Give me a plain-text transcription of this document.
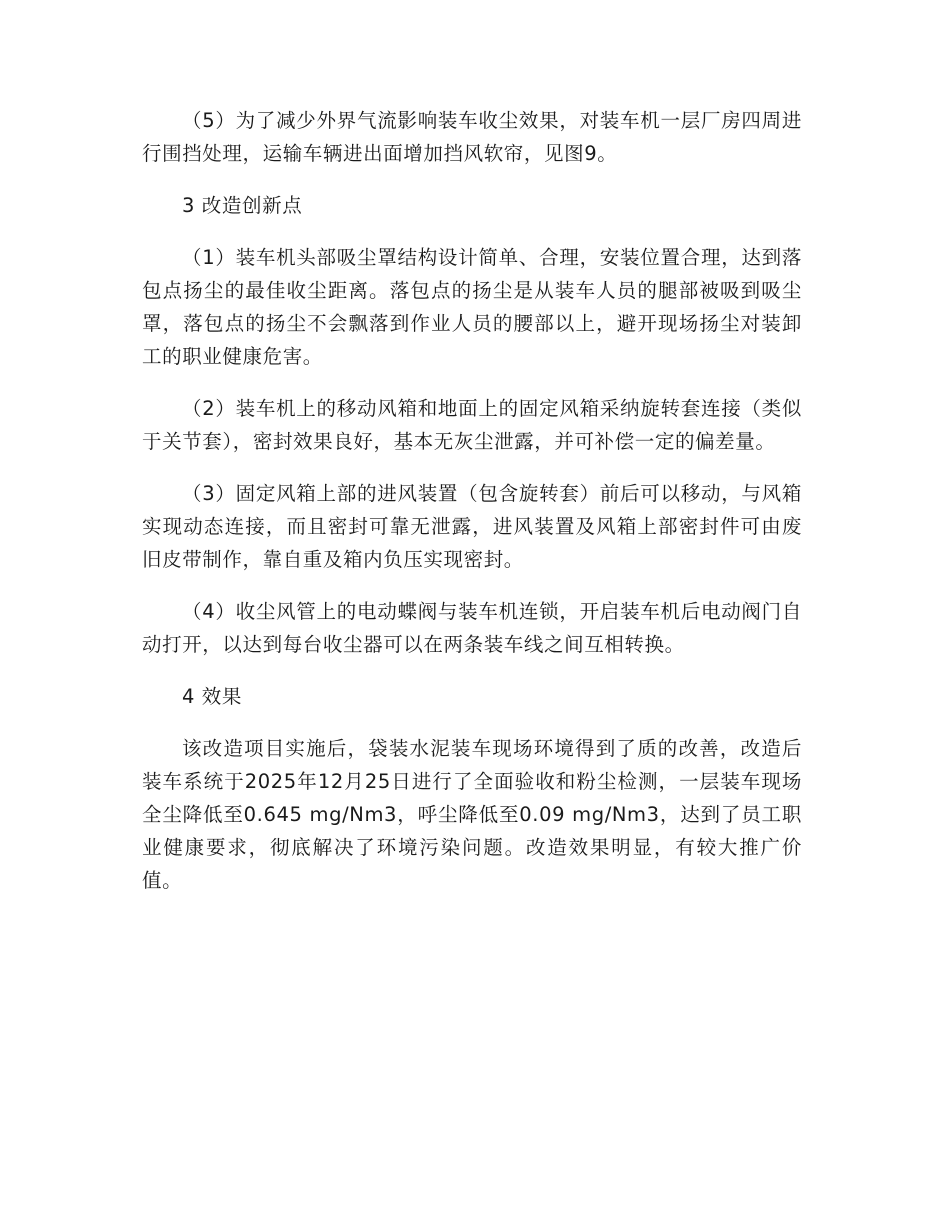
（5）为了减少外界气流影响装车收尘效果，对装车机一层厂房四周进行围挡处理，运输车辆进出面增加挡风软帘，见图9。

3 改造创新点

（1）装车机头部吸尘罩结构设计简单、合理，安装位置合理，达到落包点扬尘的最佳收尘距离。落包点的扬尘是从装车人员的腿部被吸到吸尘罩，落包点的扬尘不会飘落到作业人员的腰部以上，避开现场扬尘对装卸工的职业健康危害。

（2）装车机上的移动风箱和地面上的固定风箱采纳旋转套连接（类似于关节套），密封效果良好，基本无灰尘泄露，并可补偿一定的偏差量。

（3）固定风箱上部的进风装置（包含旋转套）前后可以移动，与风箱实现动态连接，而且密封可靠无泄露，进风装置及风箱上部密封件可由废旧皮带制作，靠自重及箱内负压实现密封。

（4）收尘风管上的电动蝶阀与装车机连锁，开启装车机后电动阀门自动打开，以达到每台收尘器可以在两条装车线之间互相转换。

4 效果

该改造项目实施后，袋装水泥装车现场环境得到了质的改善，改造后装车系统于2025年12月25日进行了全面验收和粉尘检测，一层装车现场全尘降低至0.645 mg/Nm3，呼尘降低至0.09 mg/Nm3，达到了员工职业健康要求，彻底解决了环境污染问题。改造效果明显，有较大推广价值。
